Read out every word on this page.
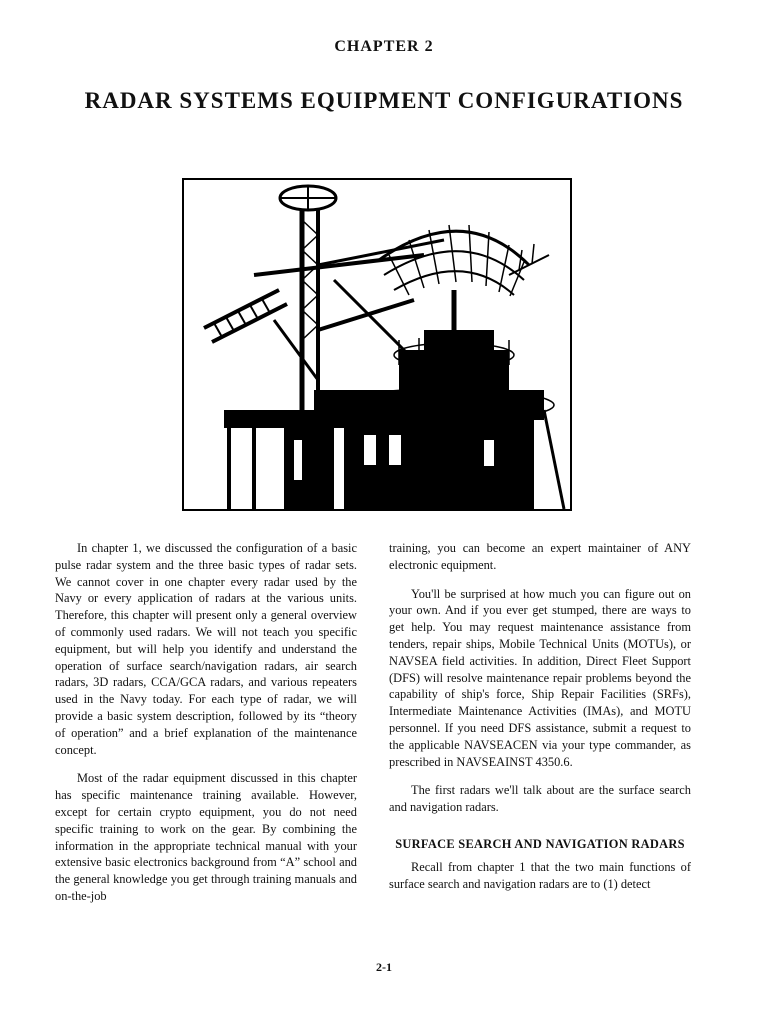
CHAPTER 2
RADAR SYSTEMS EQUIPMENT CONFIGURATIONS

In chapter 1, we discussed the configuration of a basic pulse radar system and the three basic types of radar sets. We cannot cover in one chapter every radar used by the Navy or every application of radars at the various units. Therefore, this chapter will present only a general overview of commonly used radars. We will not teach you specific equipment, but will help you identify and understand the operation of surface search/navigation radars, air search radars, 3D radars, CCA/GCA radars, and various repeaters used in the Navy today. For each type of radar, we will provide a basic system description, followed by its “theory of operation” and a brief explanation of the maintenance concept.

Most of the radar equipment discussed in this chapter has specific maintenance training available. However, except for certain crypto equipment, you do not need specific training to work on the gear. By combining the information in the appropriate technical manual with your extensive basic electronics background from “A” school and the general knowledge you get through training manuals and on-the-job

training, you can become an expert maintainer of ANY electronic equipment.

You'll be surprised at how much you can figure out on your own. And if you ever get stumped, there are ways to get help. You may request maintenance assistance from tenders, repair ships, Mobile Technical Units (MOTUs), or NAVSEA field activities. In addition, Direct Fleet Support (DFS) will resolve maintenance repair problems beyond the capability of ship's force, Ship Repair Facilities (SRFs), Intermediate Maintenance Activities (IMAs), and MOTU personnel. If you need DFS assistance, submit a request to the applicable NAVSEACEN via your type commander, as prescribed in NAVSEAINST 4350.6.

The first radars we'll talk about are the surface search and navigation radars.

SURFACE SEARCH AND NAVIGATION RADARS

Recall from chapter 1 that the two main functions of surface search and navigation radars are to (1) detect

2-1
